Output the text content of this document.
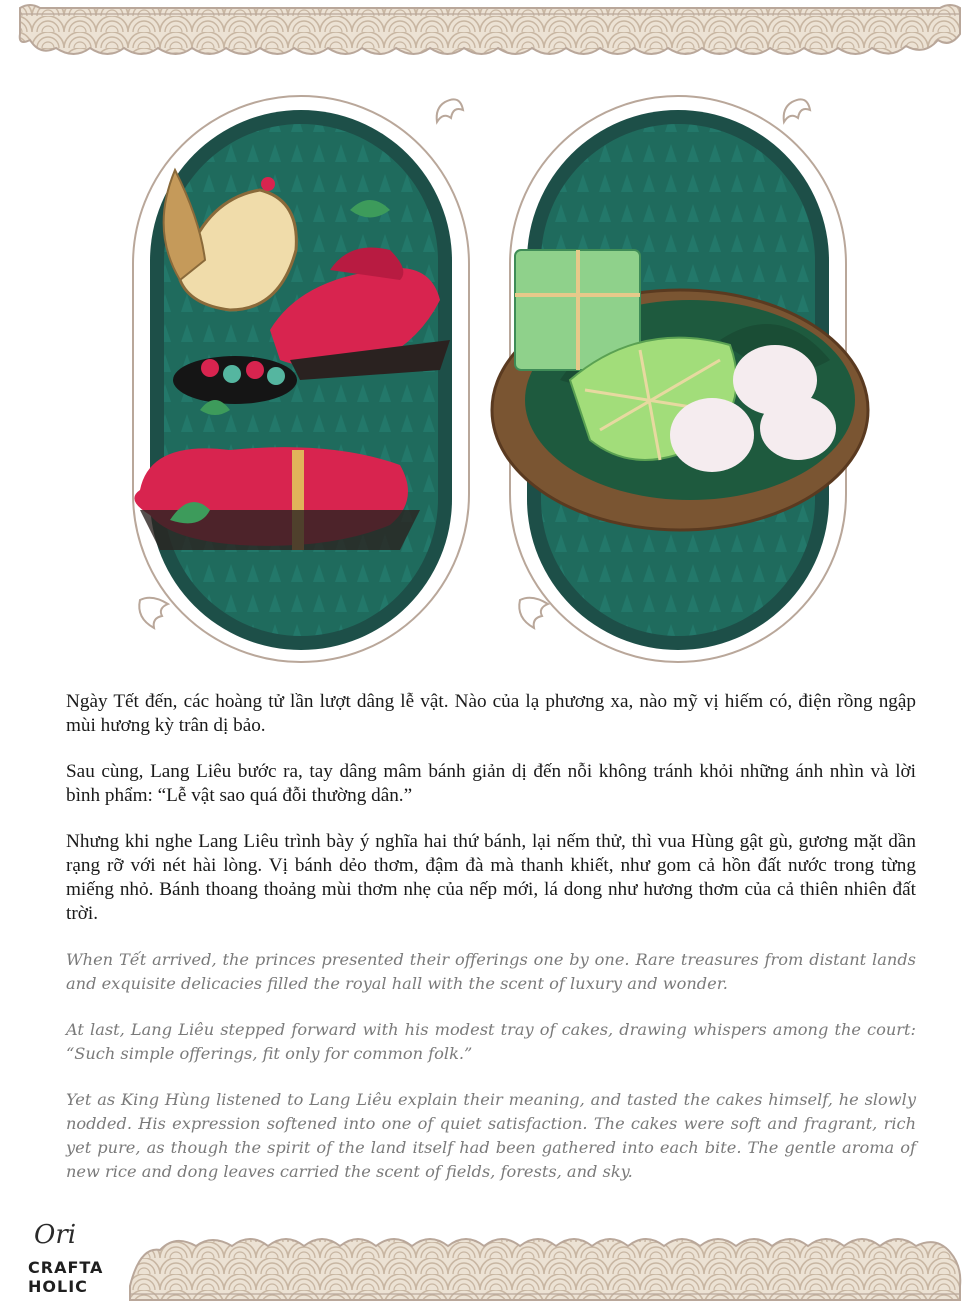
Ngày Tết đến, các hoàng tử lần lượt dâng lễ vật. Nào của lạ phương xa, nào mỹ vị hiếm có, điện rồng ngập mùi hương kỳ trân dị bảo.

Sau cùng, Lang Liêu bước ra, tay dâng mâm bánh giản dị đến nỗi không tránh khỏi những ánh nhìn và lời bình phẩm: “Lễ vật sao quá đỗi thường dân.”

Nhưng khi nghe Lang Liêu trình bày ý nghĩa hai thứ bánh, lại nếm thử, thì vua Hùng gật gù, gương mặt dần rạng rỡ với nét hài lòng. Vị bánh dẻo thơm, đậm đà mà thanh khiết, như gom cả hồn đất nước trong từng miếng nhỏ. Bánh thoang thoảng mùi thơm nhẹ của nếp mới, lá dong như hương thơm của cả thiên nhiên đất trời.

When Tết arrived, the princes presented their offerings one by one. Rare treasures from distant lands and exquisite delicacies filled the royal hall with the scent of luxury and wonder.

At last, Lang Liêu stepped forward with his modest tray of cakes, drawing whispers among the court: “Such simple offerings, fit only for common folk.”

Yet as King Hùng listened to Lang Liêu explain their meaning, and tasted the cakes himself, he slowly nodded. His expression softened into one of quiet satisfaction. The cakes were soft and fragrant, rich yet pure, as though the spirit of the land itself had been gathered into each bite. The gentle aroma of new rice and dong leaves carried the scent of fields, forests, and sky.

Ori
CRAFTA
HOLIC
